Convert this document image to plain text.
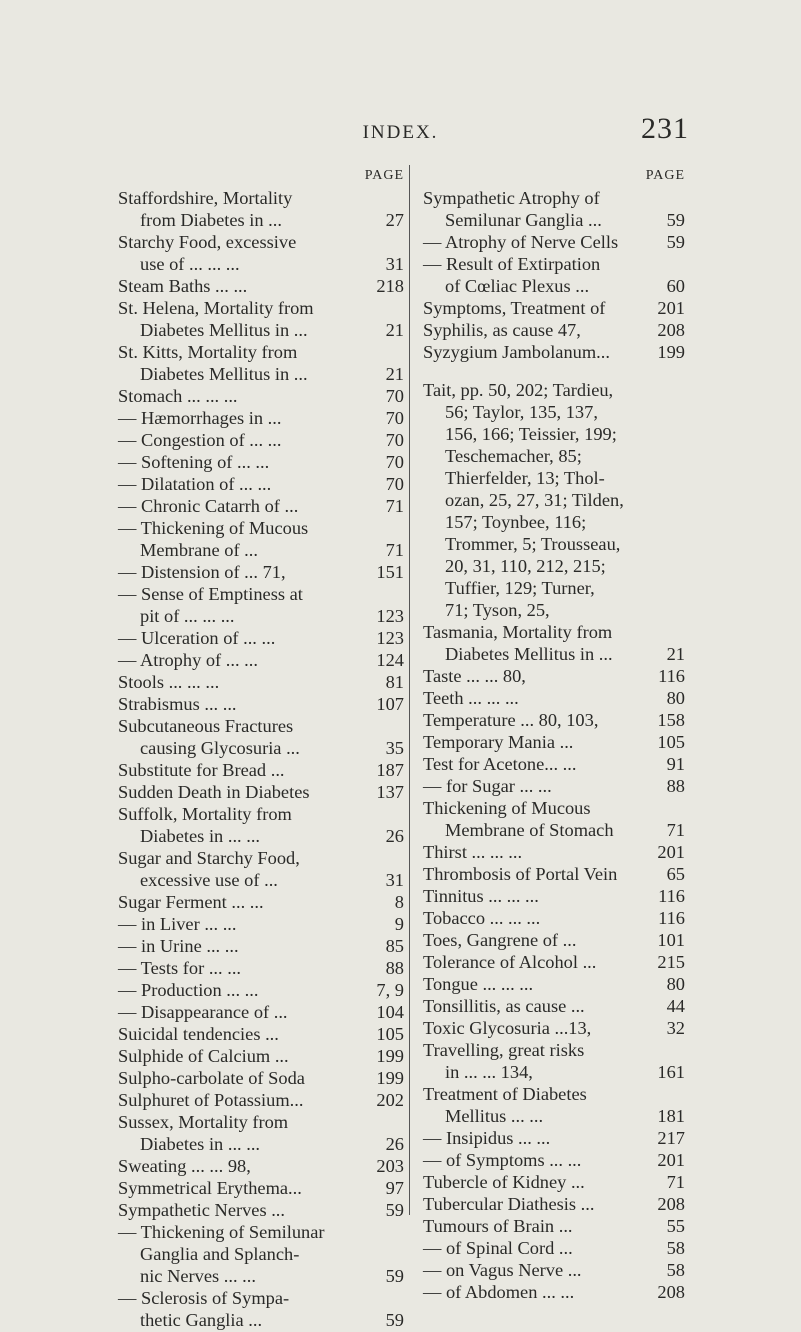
INDEX.	231
PAGE
Staffordshire, Mortality
from Diabetes in ...	27
Starchy Food, excessive
use of ... ... ...	31
Steam Baths ... ...	218
St. Helena, Mortality from
Diabetes Mellitus in ...	21
St. Kitts, Mortality from
Diabetes Mellitus in ...	21
Stomach ... ... ...	70
— Hæmorrhages in ...	70
— Congestion of ... ...	70
— Softening of ... ...	70
— Dilatation of ... ...	70
— Chronic Catarrh of ...	71
— Thickening of Mucous
Membrane of ...	71
— Distension of ... 71,	151
— Sense of Emptiness at
pit of ... ... ...	123
— Ulceration of ... ...	123
— Atrophy of ... ...	124
Stools ... ... ...	81
Strabismus ... ...	107
Subcutaneous Fractures
causing Glycosuria ...	35
Substitute for Bread ...	187
Sudden Death in Diabetes	137
Suffolk, Mortality from
Diabetes in ... ...	26
Sugar and Starchy Food,
excessive use of ...	31
Sugar Ferment ... ...	8
— in Liver ... ...	9
— in Urine ... ...	85
— Tests for ... ...	88
— Production ... ...	7, 9
— Disappearance of ...	104
Suicidal tendencies ...	105
Sulphide of Calcium ...	199
Sulpho-carbolate of Soda	199
Sulphuret of Potassium...	202
Sussex, Mortality from
Diabetes in ... ...	26
Sweating ... ... 98,	203
Symmetrical Erythema...	97
Sympathetic Nerves ...	59
— Thickening of Semilunar
Ganglia and Splanch-
nic Nerves ... ...	59
— Sclerosis of Sympa-
thetic Ganglia ...	59
PAGE
Sympathetic Atrophy of
Semilunar Ganglia ...	59
— Atrophy of Nerve Cells	59
— Result of Extirpation
of Cœliac Plexus ...	60
Symptoms, Treatment of	201
Syphilis, as cause 47,	208
Syzygium Jambolanum...	199
Tait, pp. 50, 202; Tardieu,
56; Taylor, 135, 137,
156, 166; Teissier, 199;
Teschemacher, 85;
Thierfelder, 13; Thol-
ozan, 25, 27, 31; Tilden,
157; Toynbee, 116;
Trommer, 5; Trousseau,
20, 31, 110, 212, 215;
Tuffier, 129; Turner,
71; Tyson, 25,
Tasmania, Mortality from
Diabetes Mellitus in ...	21
Taste ... ... 80,	116
Teeth ... ... ...	80
Temperature ... 80, 103,	158
Temporary Mania ...	105
Test for Acetone... ...	91
— for Sugar ... ...	88
Thickening of Mucous
Membrane of Stomach	71
Thirst ... ... ...	201
Thrombosis of Portal Vein	65
Tinnitus ... ... ...	116
Tobacco ... ... ...	116
Toes, Gangrene of ...	101
Tolerance of Alcohol ...	215
Tongue ... ... ...	80
Tonsillitis, as cause ...	44
Toxic Glycosuria ...13,	32
Travelling, great risks
in ... ... 134,	161
Treatment of Diabetes
Mellitus ... ...	181
— Insipidus ... ...	217
— of Symptoms ... ...	201
Tubercle of Kidney ...	71
Tubercular Diathesis ...	208
Tumours of Brain ...	55
— of Spinal Cord ...	58
— on Vagus Nerve ...	58
— of Abdomen ... ...	208
